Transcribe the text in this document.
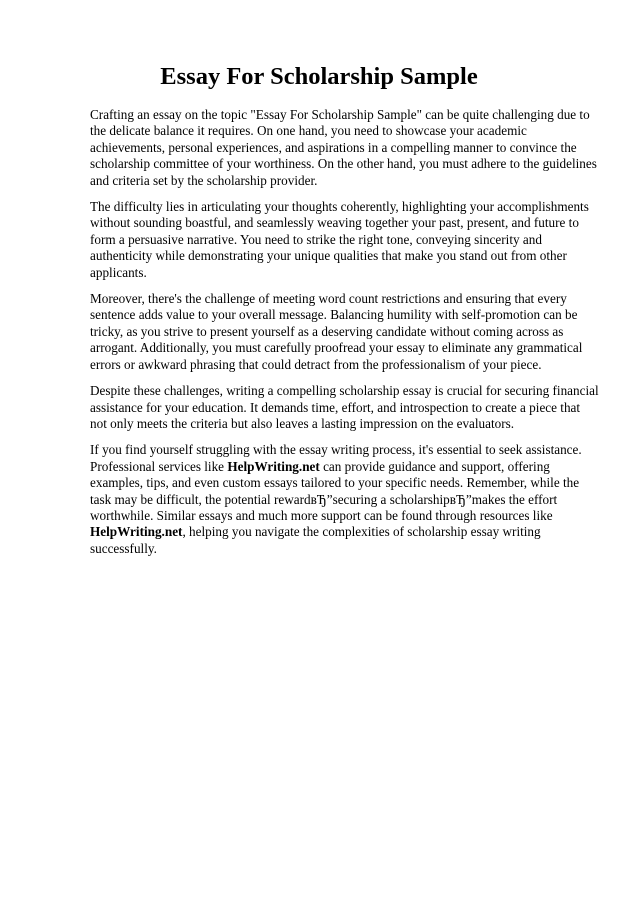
Essay For Scholarship Sample

Crafting an essay on the topic "Essay For Scholarship Sample" can be quite challenging due to the delicate balance it requires. On one hand, you need to showcase your academic achievements, personal experiences, and aspirations in a compelling manner to convince the scholarship committee of your worthiness. On the other hand, you must adhere to the guidelines and criteria set by the scholarship provider.

The difficulty lies in articulating your thoughts coherently, highlighting your accomplishments without sounding boastful, and seamlessly weaving together your past, present, and future to form a persuasive narrative. You need to strike the right tone, conveying sincerity and authenticity while demonstrating your unique qualities that make you stand out from other applicants.

Moreover, there's the challenge of meeting word count restrictions and ensuring that every sentence adds value to your overall message. Balancing humility with self-promotion can be tricky, as you strive to present yourself as a deserving candidate without coming across as arrogant. Additionally, you must carefully proofread your essay to eliminate any grammatical errors or awkward phrasing that could detract from the professionalism of your piece.

Despite these challenges, writing a compelling scholarship essay is crucial for securing financial assistance for your education. It demands time, effort, and introspection to create a piece that not only meets the criteria but also leaves a lasting impression on the evaluators.

If you find yourself struggling with the essay writing process, it's essential to seek assistance. Professional services like HelpWriting.net can provide guidance and support, offering examples, tips, and even custom essays tailored to your specific needs. Remember, while the task may be difficult, the potential rewardвЂ”securing a scholarshipвЂ”makes the effort worthwhile. Similar essays and much more support can be found through resources like HelpWriting.net, helping you navigate the complexities of scholarship essay writing successfully.
